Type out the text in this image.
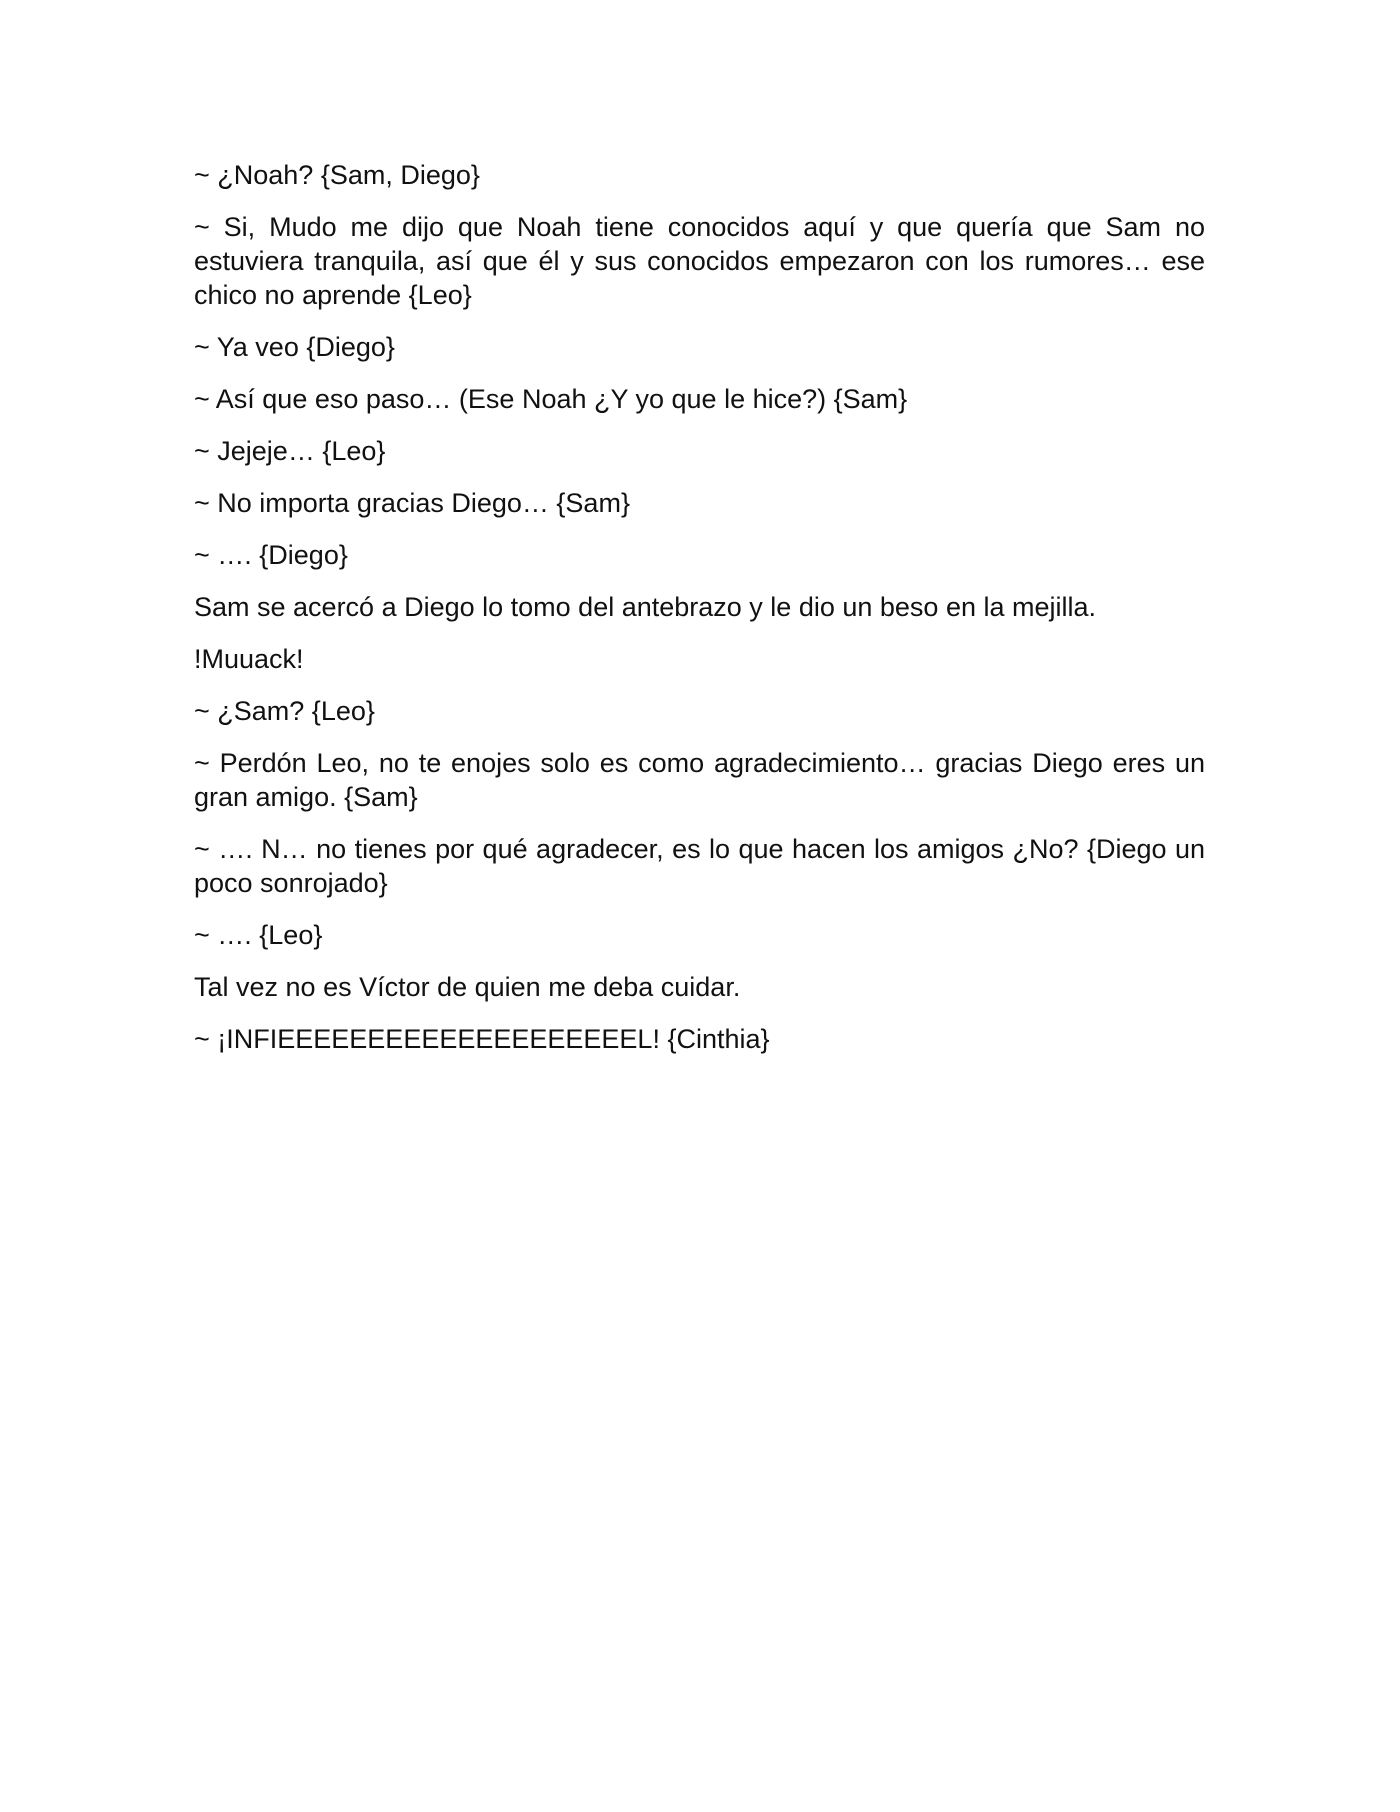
~ ¿Noah? {Sam, Diego}

~ Si, Mudo me dijo que Noah tiene conocidos aquí y que quería que Sam no estuviera tranquila, así que él y sus conocidos empezaron con los rumores… ese chico no aprende {Leo}

~ Ya veo {Diego}

~ Así que eso paso… (Ese Noah ¿Y yo que le hice?) {Sam}

~ Jejeje… {Leo}

~ No importa gracias Diego… {Sam}

~ …. {Diego}

Sam se acercó a Diego lo tomo del antebrazo y le dio un beso en la mejilla.

!Muuack!

~ ¿Sam? {Leo}

~ Perdón Leo, no te enojes solo es como agradecimiento… gracias Diego eres un gran amigo. {Sam}

~ …. N… no tienes por qué agradecer, es lo que hacen los amigos ¿No? {Diego un poco sonrojado}

~ …. {Leo}

Tal vez no es Víctor de quien me deba cuidar.

~ ¡INFIEEEEEEEEEEEEEEEEEEEEL! {Cinthia}
